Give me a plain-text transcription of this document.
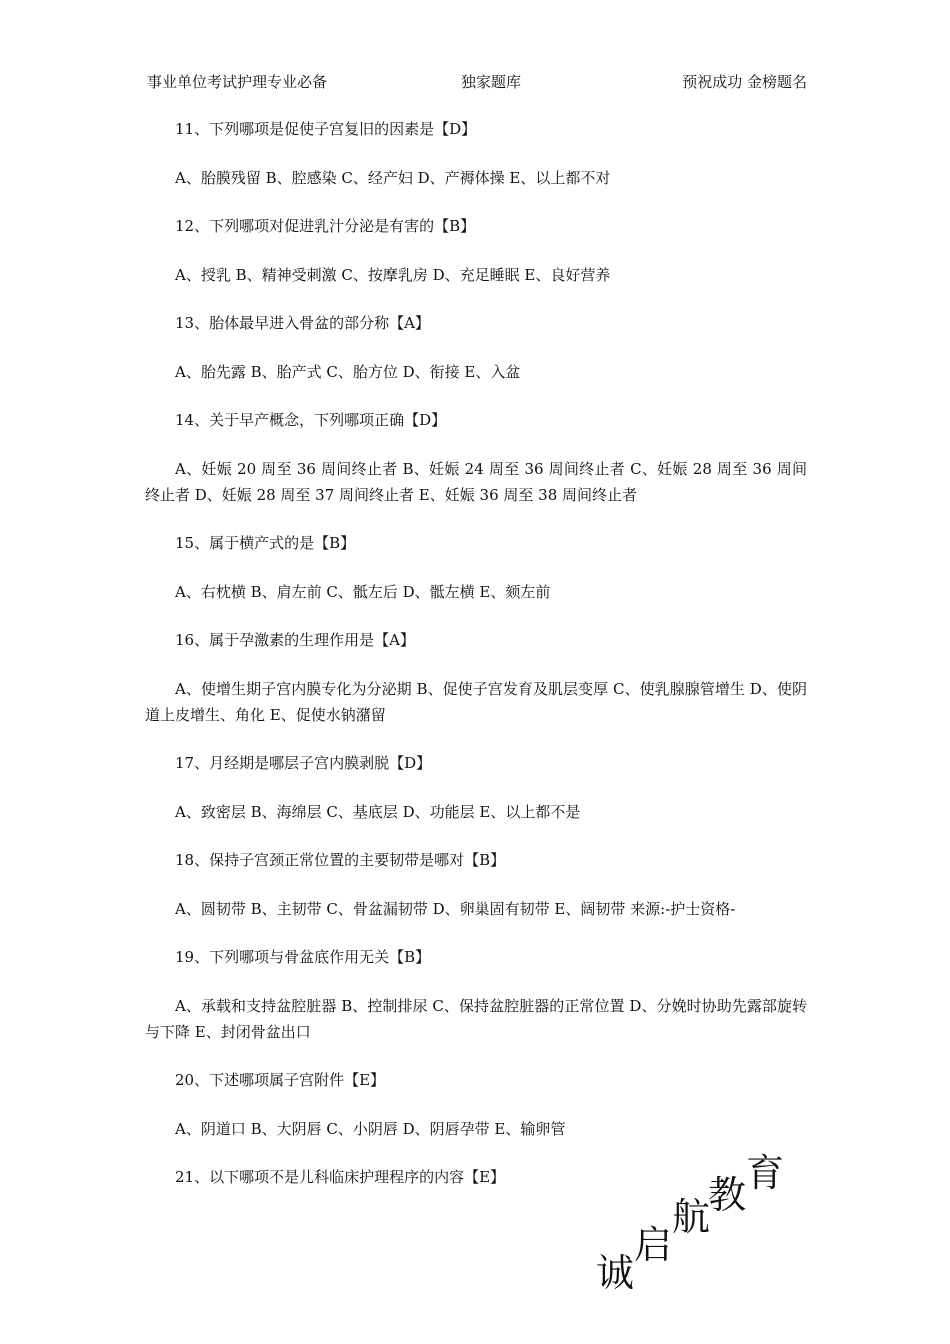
事业单位考试护理专业必备	独家题库	预祝成功 金榜题名

11、下列哪项是促使子宫复旧的因素是【D】

A、胎膜残留 B、腔感染 C、经产妇 D、产褥体操 E、以上都不对

12、下列哪项对促进乳汁分泌是有害的【B】

A、授乳 B、精神受刺激 C、按摩乳房 D、充足睡眠 E、良好营养

13、胎体最早进入骨盆的部分称【A】

A、胎先露 B、胎产式 C、胎方位 D、衔接 E、入盆

14、关于早产概念，下列哪项正确【D】

A、妊娠 20 周至 36 周间终止者 B、妊娠 24 周至 36 周间终止者 C、妊娠 28 周至 36 周间终止者 D、妊娠 28 周至 37 周间终止者 E、妊娠 36 周至 38 周间终止者

15、属于横产式的是【B】

A、右枕横 B、肩左前 C、骶左后 D、骶左横 E、颏左前

16、属于孕激素的生理作用是【A】

A、使增生期子宫内膜专化为分泌期 B、促使子宫发育及肌层变厚 C、使乳腺腺管增生 D、使阴道上皮增生、角化 E、促使水钠潴留

17、月经期是哪层子宫内膜剥脱【D】

A、致密层 B、海绵层 C、基底层 D、功能层 E、以上都不是

18、保持子宫颈正常位置的主要韧带是哪对【B】

A、圆韧带 B、主韧带 C、骨盆漏韧带 D、卵巢固有韧带 E、阔韧带 来源:-护士资格-

19、下列哪项与骨盆底作用无关【B】

A、承载和支持盆腔脏器 B、控制排尿 C、保持盆腔脏器的正常位置 D、分娩时协助先露部旋转与下降 E、封闭骨盆出口

20、下述哪项属子宫附件【E】

A、阴道口 B、大阴唇 C、小阴唇 D、阴唇孕带 E、输卵管

21、以下哪项不是儿科临床护理程序的内容【E】

诚
启
航
教 育
